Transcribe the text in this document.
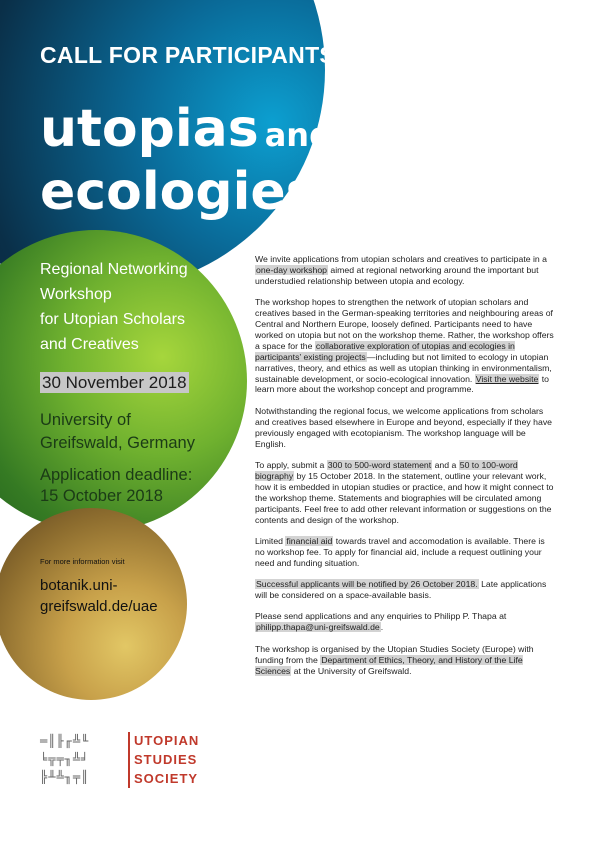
CALL FOR PARTICIPANTS
utopias and
ecologies
Regional Networking
Workshop
for Utopian Scholars
and Creatives
30 November 2018
University of
Greifswald, Germany
Application deadline:
15 October 2018
For more information visit
botanik.uni-
greifswald.de/uae
═║╟╓╩╙
╘╦╤╖╩╛
╠╨╩╖╤║
UTOPIAN
STUDIES
SOCIETY

We invite applications from utopian scholars and creatives to participate in a one-day workshop aimed at regional networking around the important but understudied relationship between utopia and ecology.

The workshop hopes to strengthen the network of utopian scholars and creatives based in the German-speaking territories and neighbouring areas of Central and Northern Europe, loosely defined. Participants need to have worked on utopia but not on the workshop theme. Rather, the workshop offers a space for the collaborative exploration of utopias and ecologies in participants’ existing projects—including but not limited to ecology in utopian narratives, theory, and ethics as well as utopian thinking in environmentalism, sustainable development, or socio-ecological innovation. Visit the website to learn more about the workshop concept and programme.

Notwithstanding the regional focus, we welcome applications from scholars and creatives based elsewhere in Europe and beyond, especially if they have previously engaged with ecotopianism. The workshop language will be English.

To apply, submit a 300 to 500-word statement and a 50 to 100-word biography by 15 October 2018. In the statement, outline your relevant work, how it is embedded in utopian studies or practice, and how it might connect to the workshop theme. Statements and biographies will be circulated among participants. Feel free to add other relevant information or suggestions on the contents and design of the workshop.

Limited financial aid towards travel and accomodation is available. There is no workshop fee. To apply for financial aid, include a request outlining your need and funding situation.

Successful applicants will be notified by 26 October 2018. Late applications will be considered on a space-available basis.

Please send applications and any enquiries to Philipp P. Thapa at philipp.thapa@uni-greifswald.de.

The workshop is organised by the Utopian Studies Society (Europe) with funding from the Department of Ethics, Theory, and History of the Life Sciences at the University of Greifswald.
